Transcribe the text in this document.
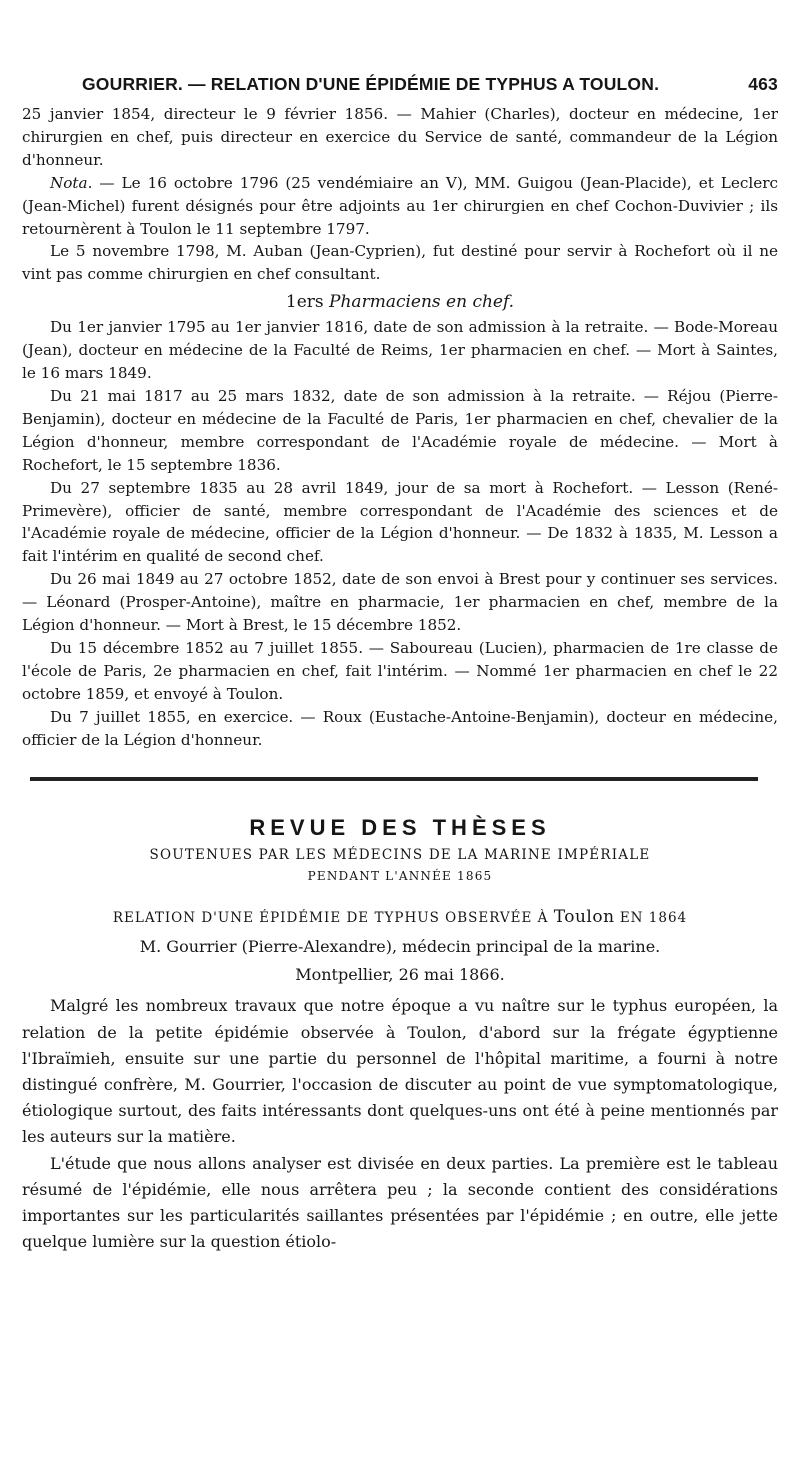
GOURRIER. — RELATION D'UNE ÉPIDÉMIE DE TYPHUS A TOULON.	463

25 janvier 1854, directeur le 9 février 1856. — Mahier (Charles), docteur en médecine, 1er chirurgien en chef, puis directeur en exercice du Service de santé, commandeur de la Légion d'honneur.

Nota. — Le 16 octobre 1796 (25 vendémiaire an V), MM. Guigou (Jean-Placide), et Leclerc (Jean-Michel) furent désignés pour être adjoints au 1er chirurgien en chef Cochon-Duvivier ; ils retournèrent à Toulon le 11 septembre 1797.

Le 5 novembre 1798, M. Auban (Jean-Cyprien), fut destiné pour servir à Rochefort où il ne vint pas comme chirurgien en chef consultant.

1ers Pharmaciens en chef.

Du 1er janvier 1795 au 1er janvier 1816, date de son admission à la retraite. — Bode-Moreau (Jean), docteur en médecine de la Faculté de Reims, 1er pharmacien en chef. — Mort à Saintes, le 16 mars 1849.

Du 21 mai 1817 au 25 mars 1832, date de son admission à la retraite. — Réjou (Pierre-Benjamin), docteur en médecine de la Faculté de Paris, 1er pharmacien en chef, chevalier de la Légion d'honneur, membre correspondant de l'Académie royale de médecine. — Mort à Rochefort, le 15 septembre 1836.

Du 27 septembre 1835 au 28 avril 1849, jour de sa mort à Rochefort. — Lesson (René-Primevère), officier de santé, membre correspondant de l'Académie des sciences et de l'Académie royale de médecine, officier de la Légion d'honneur. — De 1832 à 1835, M. Lesson a fait l'intérim en qualité de second chef.

Du 26 mai 1849 au 27 octobre 1852, date de son envoi à Brest pour y continuer ses services. — Léonard (Prosper-Antoine), maître en pharmacie, 1er pharmacien en chef, membre de la Légion d'honneur. — Mort à Brest, le 15 décembre 1852.

Du 15 décembre 1852 au 7 juillet 1855. — Saboureau (Lucien), pharmacien de 1re classe de l'école de Paris, 2e pharmacien en chef, fait l'intérim. — Nommé 1er pharmacien en chef le 22 octobre 1859, et envoyé à Toulon.

Du 7 juillet 1855, en exercice. — Roux (Eustache-Antoine-Benjamin), docteur en médecine, officier de la Légion d'honneur.

REVUE DES THÈSES
SOUTENUES PAR LES MÉDECINS DE LA MARINE IMPÉRIALE
PENDANT L'ANNÉE 1865
RELATION D'UNE ÉPIDÉMIE DE TYPHUS OBSERVÉE À Toulon EN 1864
M. Gourrier (Pierre-Alexandre), médecin principal de la marine.
Montpellier, 26 mai 1866.

Malgré les nombreux travaux que notre époque a vu naître sur le typhus européen, la relation de la petite épidémie observée à Toulon, d'abord sur la frégate égyptienne l'Ibraïmieh, ensuite sur une partie du personnel de l'hôpital maritime, a fourni à notre distingué confrère, M. Gourrier, l'occasion de discuter au point de vue symptomatologique, étiologique surtout, des faits intéressants dont quelques-uns ont été à peine mentionnés par les auteurs sur la matière.

L'étude que nous allons analyser est divisée en deux parties. La première est le tableau résumé de l'épidémie, elle nous arrêtera peu ; la seconde contient des considérations importantes sur les particularités saillantes présentées par l'épidémie ; en outre, elle jette quelque lumière sur la question étiolo-
